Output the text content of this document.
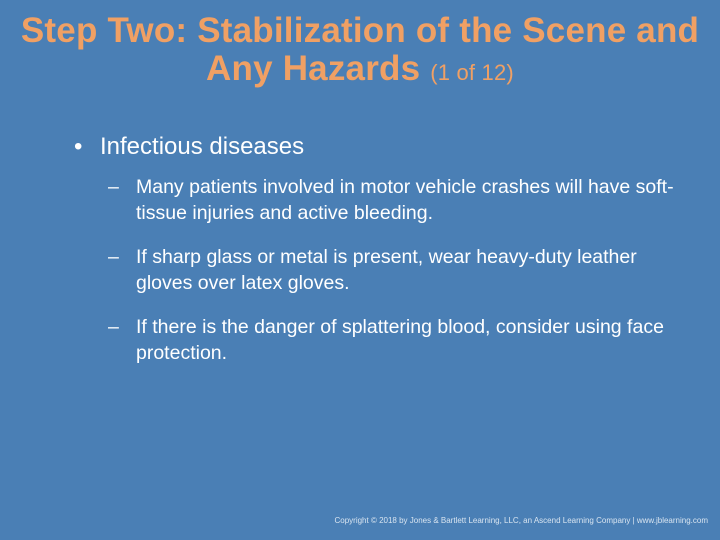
Step Two: Stabilization of the Scene and Any Hazards (1 of 12)
• Infectious diseases
– Many patients involved in motor vehicle crashes will have soft-tissue injuries and active bleeding.
– If sharp glass or metal is present, wear heavy-duty leather gloves over latex gloves.
– If there is the danger of splattering blood, consider using face protection.
Copyright © 2018 by Jones & Bartlett Learning, LLC, an Ascend Learning Company | www.jblearning.com
